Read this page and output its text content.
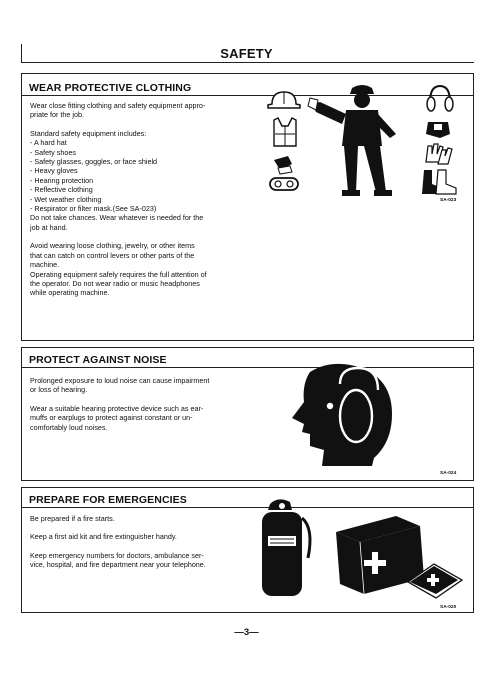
SAFETY
WEAR PROTECTIVE CLOTHING

Wear close fitting clothing and safety equipment appro-

priate for the job.

Standard safety equipment includes:

- A hard hat

- Safety shoes

- Safety glasses, goggles, or face shield

- Heavy gloves

- Hearing protection

- Reflective clothing

- Wet weather clothing

- Respirator or filter mask.(See SA-023)

Do not take chances. Wear whatever is needed for the

job at hand.

Avoid wearing loose clothing, jewelry, or other items

that can catch on control levers or other parts of the

machine.

Operating equipment safely requires the full attention of

the operator. Do not wear radio or music headphones

while operating machine.

SA-023
PROTECT AGAINST NOISE

Prolonged exposure to loud noise can cause impairment

or loss of hearing.

Wear a suitable hearing protective device such as ear-

muffs or earplugs to protect against constant or un-

comfortably loud noises.

SA-024
PREPARE FOR EMERGENCIES

Be prepared if a fire starts.

Keep a first aid kit and fire extinguisher handy.

Keep emergency numbers for doctors, ambulance ser-

vice, hospital, and fire department near your telephone.

SA-020
—3—
